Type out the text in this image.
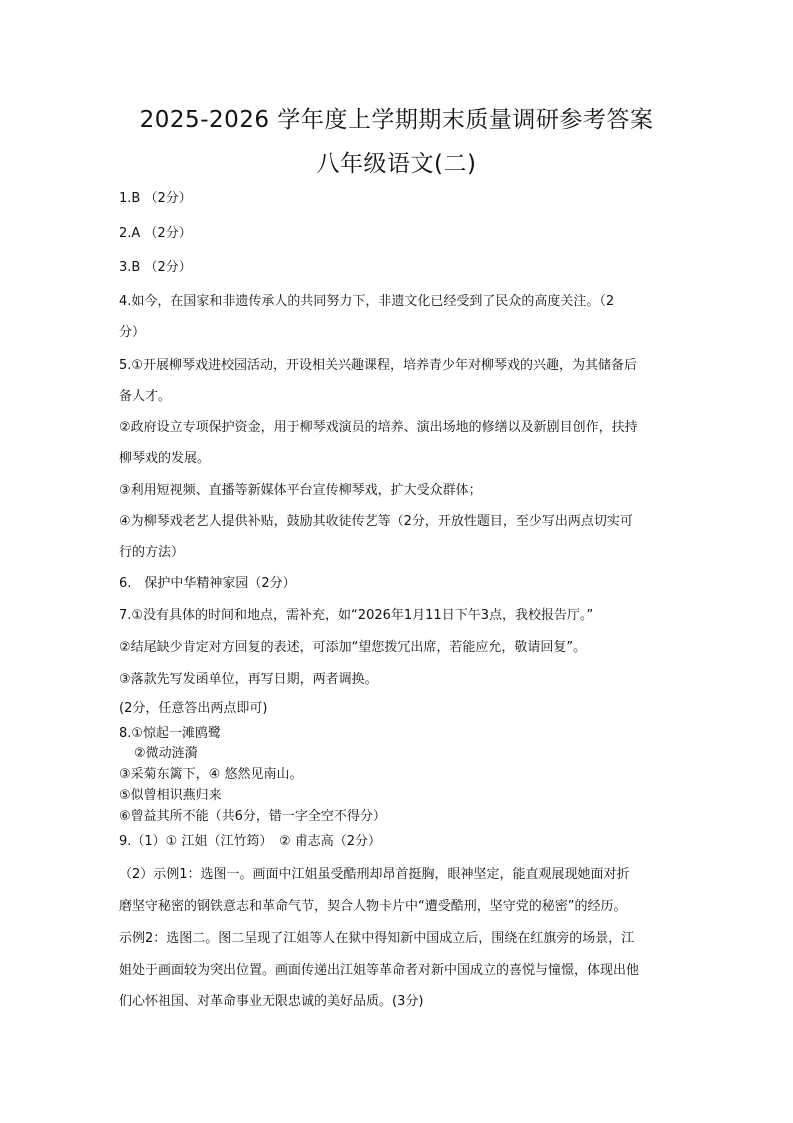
2025-2026 学年度上学期期末质量调研参考答案
八年级语文(二)
1.B （2分）
2.A （2分）
3.B （2分）
4.如今，在国家和非遗传承人的共同努力下，非遗文化已经受到了民众的高度关注。（2
分）
5.①开展柳琴戏进校园活动，开设相关兴趣课程，培养青少年对柳琴戏的兴趣，为其储备后
备人才。
②政府设立专项保护资金，用于柳琴戏演员的培养、演出场地的修缮以及新剧目创作，扶持
柳琴戏的发展。
③利用短视频、直播等新媒体平台宣传柳琴戏，扩大受众群体；
④为柳琴戏老艺人提供补贴，鼓励其收徒传艺等（2分，开放性题目，至少写出两点切实可
行的方法）
6.　保护中华精神家园（2分）
7.①没有具体的时间和地点，需补充，如“2026年1月11日下午3点，我校报告厅。”
②结尾缺少肯定对方回复的表述，可添加“望您拨冗出席，若能应允，敬请回复”。
③落款先写发函单位，再写日期，两者调换。
(2分，任意答出两点即可)
8.①惊起一滩鸥鹭
②微动涟漪
③采菊东篱下，④ 悠然见南山。
⑤似曾相识燕归来
⑥曾益其所不能（共6分，错一字全空不得分）
9.（1）① 江姐（江竹筠）　② 甫志高（2分）
（2）示例1：选图一。画面中江姐虽受酷刑却昂首挺胸，眼神坚定，能直观展现她面对折
磨坚守秘密的钢铁意志和革命气节，契合人物卡片中“遭受酷刑，坚守党的秘密”的经历。
示例2：选图二。图二呈现了江姐等人在狱中得知新中国成立后，围绕在红旗旁的场景，江
姐处于画面较为突出位置。画面传递出江姐等革命者对新中国成立的喜悦与憧憬，体现出他
们心怀祖国、对革命事业无限忠诚的美好品质。(3分)
